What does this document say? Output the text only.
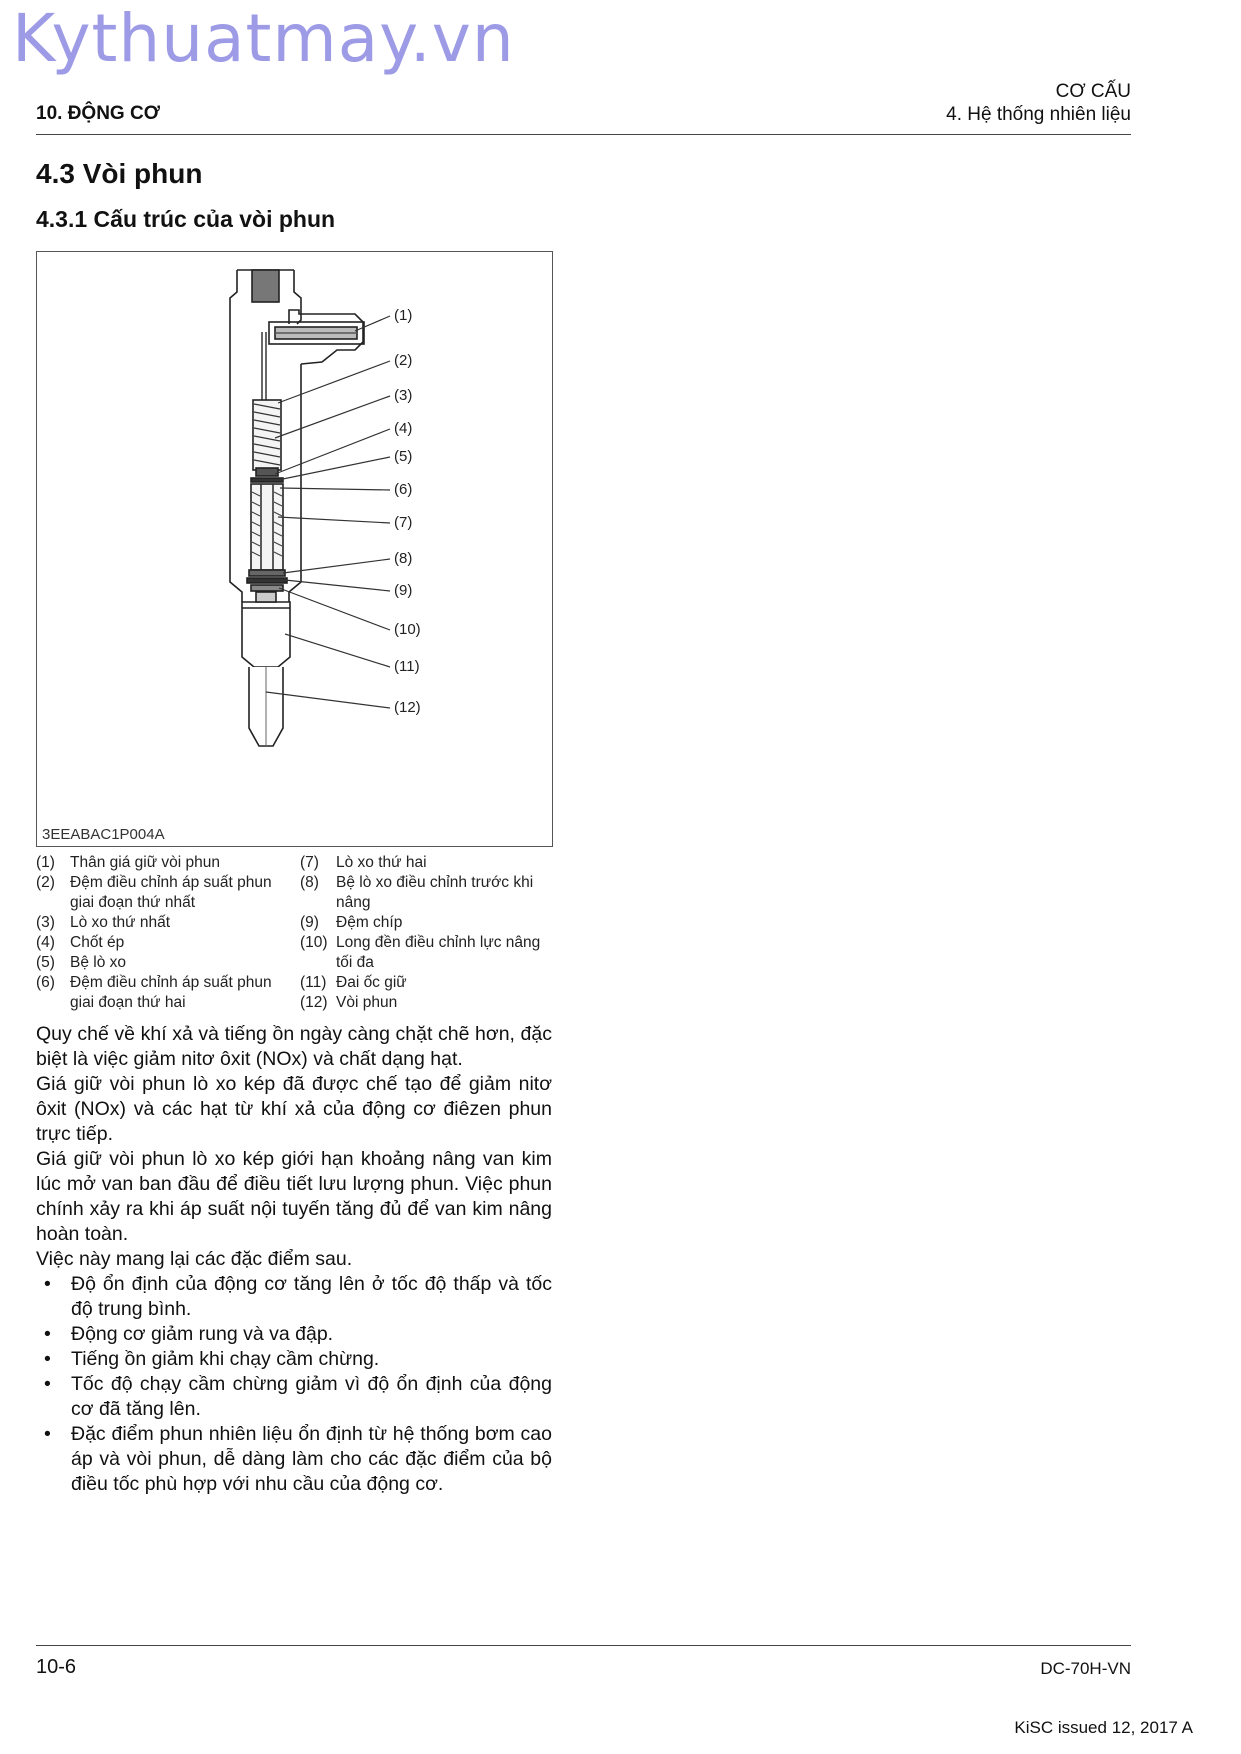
Kythuatmay.vn
10. ĐỘNG CƠ
CƠ CẤU
4. Hệ thống nhiên liệu
4.3 Vòi phun
4.3.1 Cấu trúc của vòi phun
(1)
(2)
(3)
(4)
(5)
(6)
(7)
(8)
(9)
(10)
(11)
(12)
3EEABAC1P004A
(1) Thân giá giữ vòi phun
(2) Đệm điều chỉnh áp suất phun giai đoạn thứ nhất
(3) Lò xo thứ nhất
(4) Chốt ép
(5) Bệ lò xo
(6) Đệm điều chỉnh áp suất phun giai đoạn thứ hai
(7)	Lò xo thứ hai
(8)	Bệ lò xo điều chỉnh trước khi nâng
(9)	Đệm chíp
(10) Long đền điều chỉnh lực nâng tối đa
(11) Đai ốc giữ
(12) Vòi phun

Quy chế về khí xả và tiếng ồn ngày càng chặt chẽ hơn, đặc biệt là việc giảm nitơ ôxit (NOx) và chất dạng hạt.

Giá giữ vòi phun lò xo kép đã được chế tạo để giảm nitơ ôxit (NOx) và các hạt từ khí xả của động cơ điêzen phun trực tiếp.

Giá giữ vòi phun lò xo kép giới hạn khoảng nâng van kim lúc mở van ban đầu để điều tiết lưu lượng phun. Việc phun chính xảy ra khi áp suất nội tuyến tăng đủ để van kim nâng hoàn toàn.

Việc này mang lại các đặc điểm sau.

• Độ ổn định của động cơ tăng lên ở tốc độ thấp và tốc độ trung bình.
• Động cơ giảm rung và va đập.
• Tiếng ồn giảm khi chạy cầm chừng.
• Tốc độ chạy cầm chừng giảm vì độ ổn định của động cơ đã tăng lên.
• Đặc điểm phun nhiên liệu ổn định từ hệ thống bơm cao áp và vòi phun, dễ dàng làm cho các đặc điểm của bộ điều tốc phù hợp với nhu cầu của động cơ.
10-6	DC-70H-VN
KiSC issued 12, 2017 A
